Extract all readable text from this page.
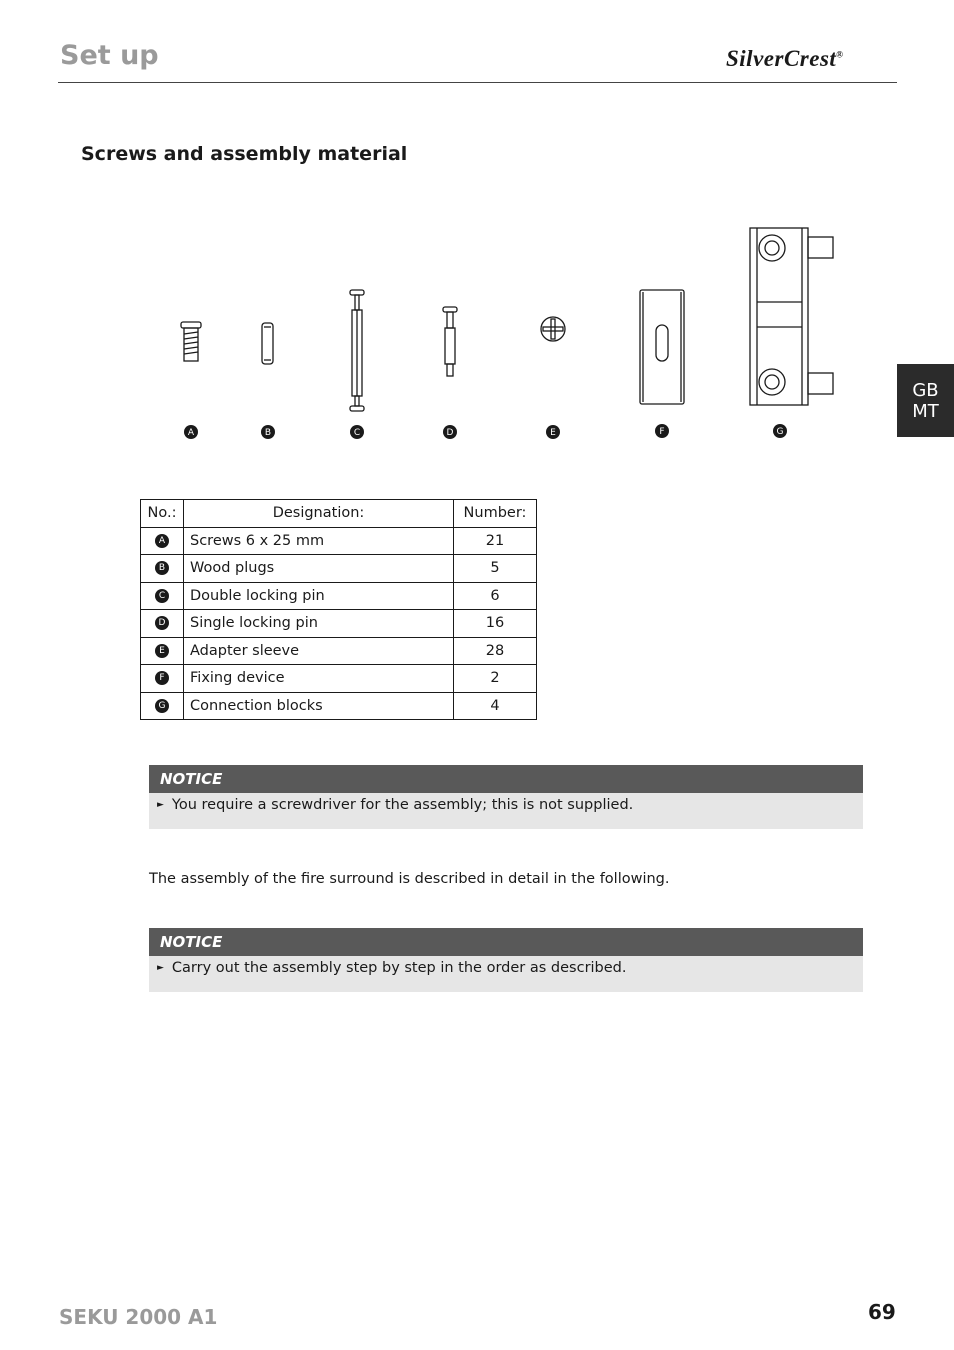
Set up	SilverCrest®
GB
MT
Screws and assembly material
A	B	C	D	E	F	G
No.:	Designation:	Number:
A	Screws 6 x 25 mm	21
B	Wood plugs	5
C	Double locking pin	6
D	Single locking pin	16
E	Adapter sleeve	28
F	Fixing device	2
G	Connection blocks	4
NOTICE
► You require a screwdriver for the assembly; this is not supplied.
The assembly of the fire surround is described in detail in the following.
NOTICE
► Carry out the assembly step by step in the order as described.
SEKU 2000 A1	69
